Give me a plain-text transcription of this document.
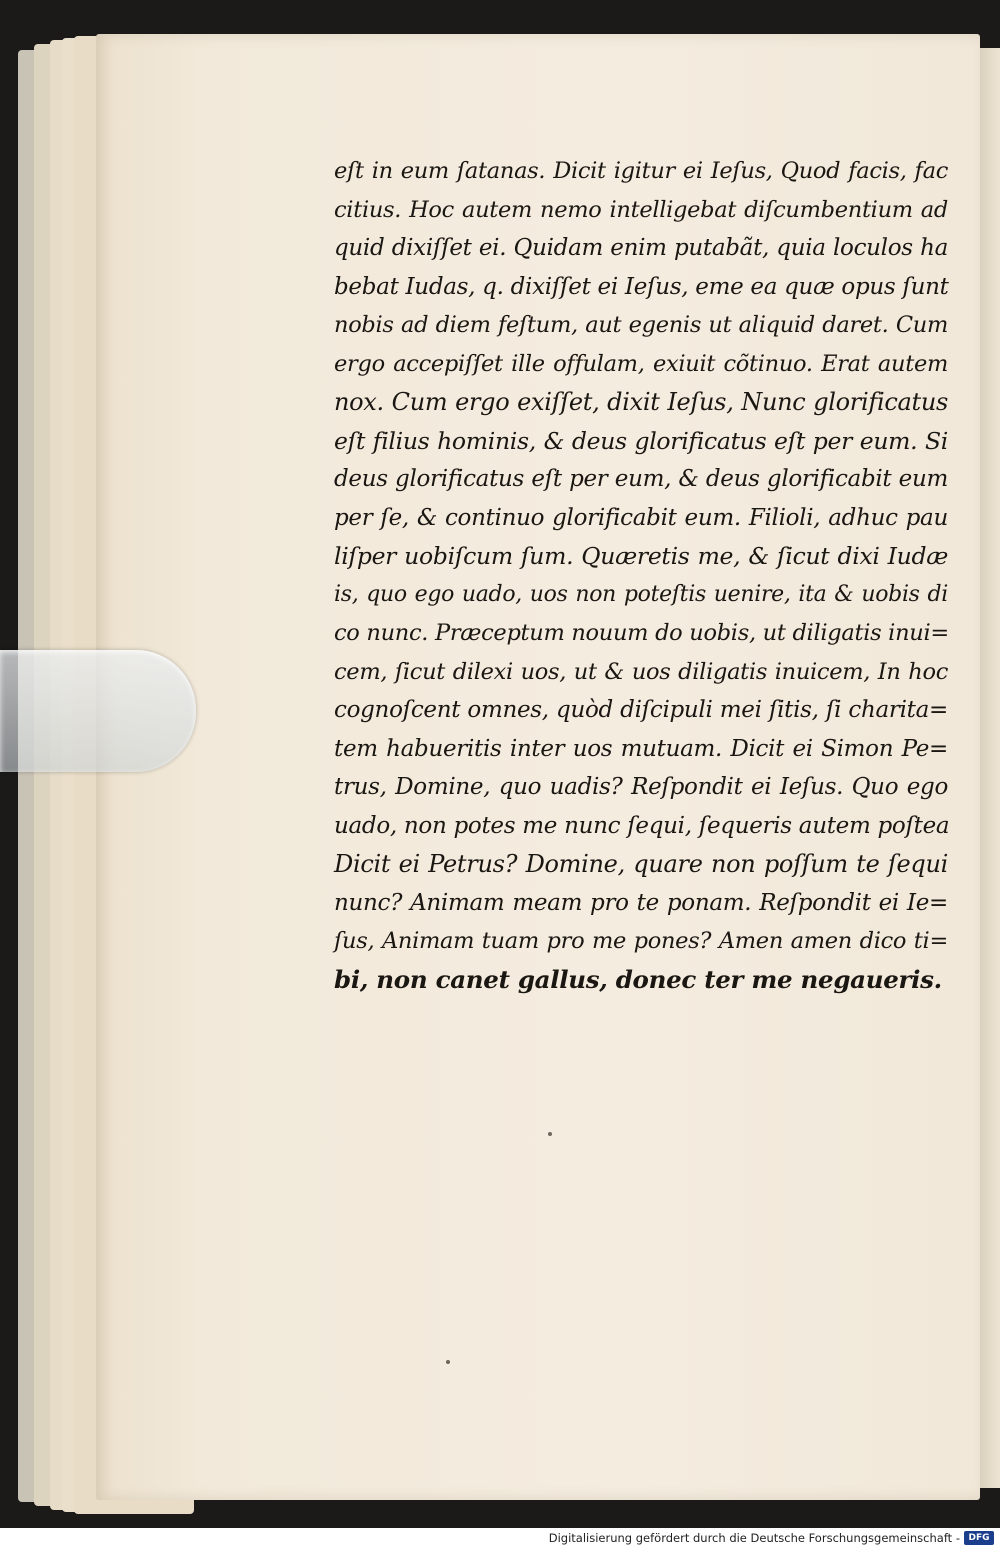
eſt in eum ſatanas. Dicit igitur ei Ieſus, Quod facis, fac
citius. Hoc autem nemo intelligebat diſcumbentium ad
quid dixiſſet ei. Quidam enim putabãt, quia loculos ha
bebat Iudas, q. dixiſſet ei Ieſus, eme ea quæ opus ſunt
nobis ad diem feſtum, aut egenis ut aliquid daret. Cum
ergo accepiſſet ille offulam, exiuit cõtinuo. Erat autem
nox. Cum ergo exiſſet, dixit Ieſus, Nunc glorificatus
eſt filius hominis, & deus glorificatus eſt per eum. Si
deus glorificatus eſt per eum, & deus glorificabit eum
per ſe, & continuo glorificabit eum. Filioli, adhuc pau
liſper uobiſcum ſum. Quæretis me, & ſicut dixi Iudæ
is, quo ego uado, uos non poteſtis uenire, ita & uobis di
co nunc. Præceptum nouum do uobis, ut diligatis inui=
cem, ſicut dilexi uos, ut & uos diligatis inuicem, In hoc
cognoſcent omnes, quòd diſcipuli mei ſitis, ſi charita=
tem habueritis inter uos mutuam. Dicit ei Simon Pe=
trus, Domine, quo uadis? Reſpondit ei Ieſus. Quo ego
uado, non potes me nunc ſequi, ſequeris autem poſtea
Dicit ei Petrus? Domine, quare non poſſum te ſequi
nunc? Animam meam pro te ponam. Reſpondit ei Ie=
ſus, Animam tuam pro me pones? Amen amen dico ti=
bi, non canet gallus, donec ter me negaueris.
Digitalisierung gefördert durch die Deutsche Forschungsgemeinschaft - DFG
